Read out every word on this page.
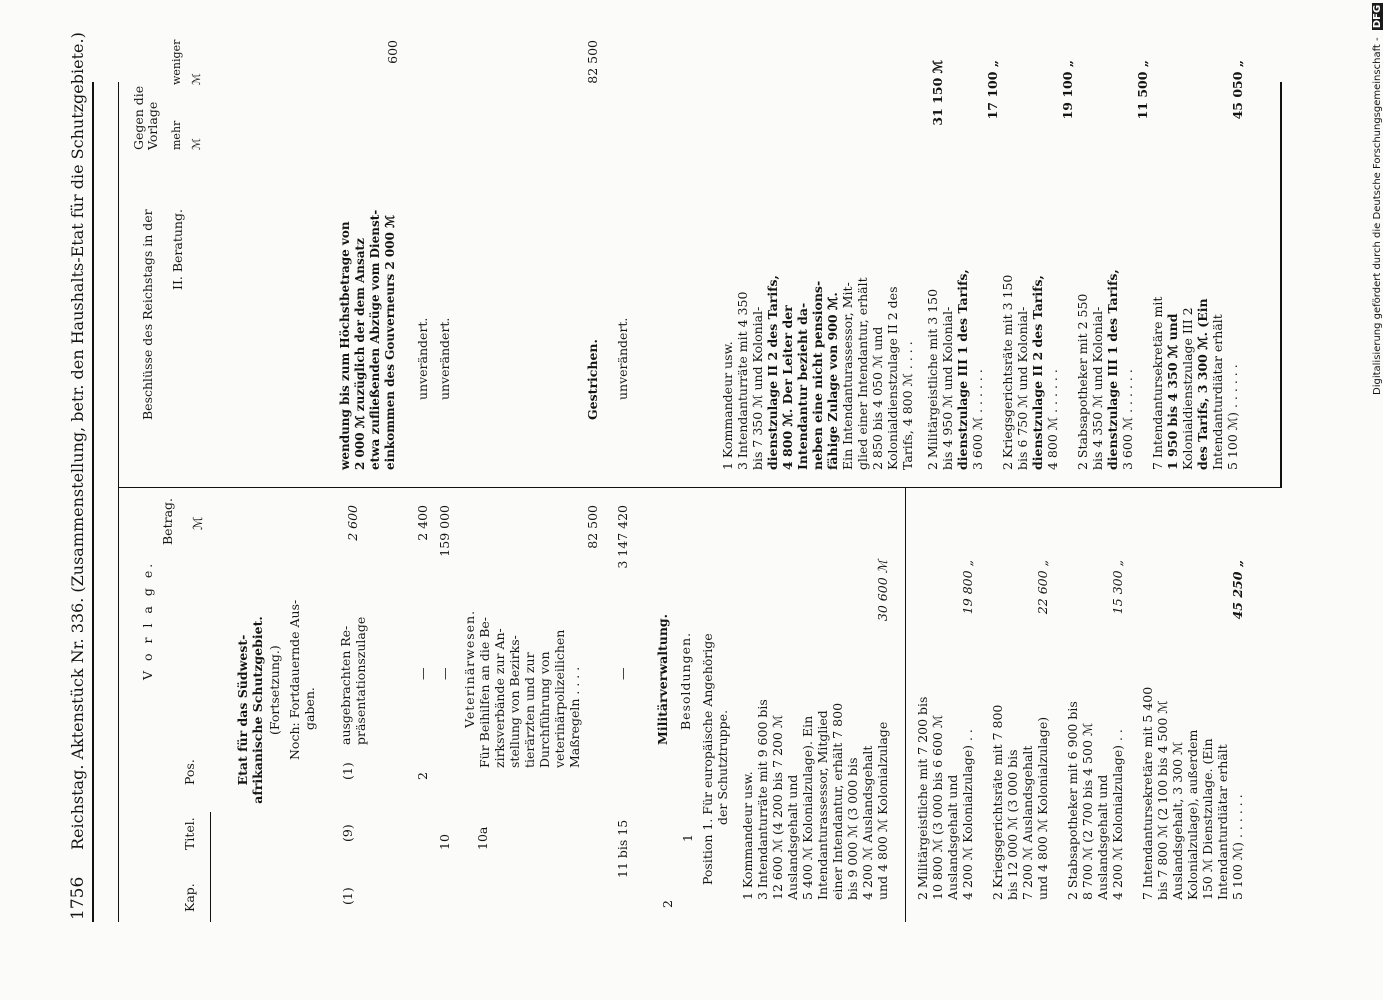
1756
Reichstag. Aktenstück Nr. 336. (Zusammenstellung, betr. den Haushalts-Etat für die Schutzgebiete.)
Kap.
Titel.
Pos.
V o r l a g e.
Betrag. ℳ
Beschlüsse des Reichstags in der II. Beratung.
Gegen die Vorlage mehr ℳ
weniger ℳ
Etat für das Südwest- afrikanische Schutzgebiet. (Fortsetzung.) Noch: Fortdauernde Aus- gaben.
(1)
(9)
(1)
ausgebrachten Re- präsentationszulage
2 600
wendung bis zum Höchstbetrage von 2 000 ℳ zuzüglich der dem Ansatz etwa zufließenden Abzüge vom Dienst- einkommen des Gouverneurs 2 000 ℳ
600
2
—
2 400
unverändert.
10
—
159 000
unverändert.
10a
Veterinärwesen. Für Beihilfen an die Be- zirksverbände zur An- stellung von Bezirks- tierärzten und zur Durchführung von veterinärpolizeilichen Maßregeln . . . .
82 500
Gestrichen.
82 500
11 bis 15
—
3 147 420
unverändert.
2
Militärverwaltung.
1
Besoldungen. Position 1. Für europäische Angehörige der Schutztruppe.
1 Kommandeur usw. 3 Intendanturräte mit 9 600 bis 12 600 ℳ (4 200 bis 7 200 ℳ Auslandsgehalt und 5 400 ℳ Kolonialzulage). Ein Intendanturassessor, Mitglied einer Intendantur, erhält 7 800 bis 9 000 ℳ (3 000 bis 4 200 ℳ Auslandsgehalt und 4 800 ℳ Kolonialzulage
30 600 ℳ
2 Militärgeistliche mit 7 200 bis 10 800 ℳ (3 000 bis 6 600 ℳ Auslandsgehalt und 4 200 ℳ Kolonialzulage) . .
19 800 „
2 Kriegsgerichtsräte mit 7 800 bis 12 000 ℳ (3 000 bis 7 200 ℳ Auslandsgehalt und 4 800 ℳ Kolonialzulage)
22 600 „
2 Stabsapotheker mit 6 900 bis 8 700 ℳ (2 700 bis 4 500 ℳ Auslandsgehalt und 4 200 ℳ Kolonialzulage) . .
15 300 „
7 Intendantursekretäre mit 5 400 bis 7 800 ℳ (2 100 bis 4 500 ℳ Auslandsgehalt, 3 300 ℳ Kolonialzulage), außerdem 150 ℳ Dienstzulage. (Ein Intendanturdiätar erhält 5 100 ℳ) . . . . . .
45 250 „
1 Kommandeur usw. 3 Intendanturräte mit 4 350 bis 7 350 ℳ und Kolonial- dienstzulage II 2 des Tarifs, 4 800 ℳ. Der Leiter der Intendantur bezieht da- neben eine nicht pensions- fähige Zulage von 900 ℳ. Ein Intendanturassessor, Mit- glied einer Intendantur, erhält 2 850 bis 4 050 ℳ und Kolonialdienstzulage II 2 des Tarifs, 4 800 ℳ . . . .
31 150 ℳ
2 Militärgeistliche mit 3 150 bis 4 950 ℳ und Kolonial- dienstzulage III 1 des Tarifs, 3 600 ℳ . . . . . .
17 100 „
2 Kriegsgerichtsräte mit 3 150 bis 6 750 ℳ und Kolonial- dienstzulage II 2 des Tarifs, 4 800 ℳ . . . . . .
19 100 „
2 Stabsapotheker mit 2 550 bis 4 350 ℳ und Kolonial- dienstzulage III 1 des Tarifs, 3 600 ℳ . . . . . .
11 500 „
7 Intendantursekretäre mit 1 950 bis 4 350 ℳ und Kolonialdienstzulage III 2 des Tarifs, 3 300 ℳ. (Ein Intendanturdiätar erhält 5 100 ℳ) . . . . . .
45 050 „	Digitalisierung gefördert durch die Deutsche Forschungsgemeinschaft - DFG
